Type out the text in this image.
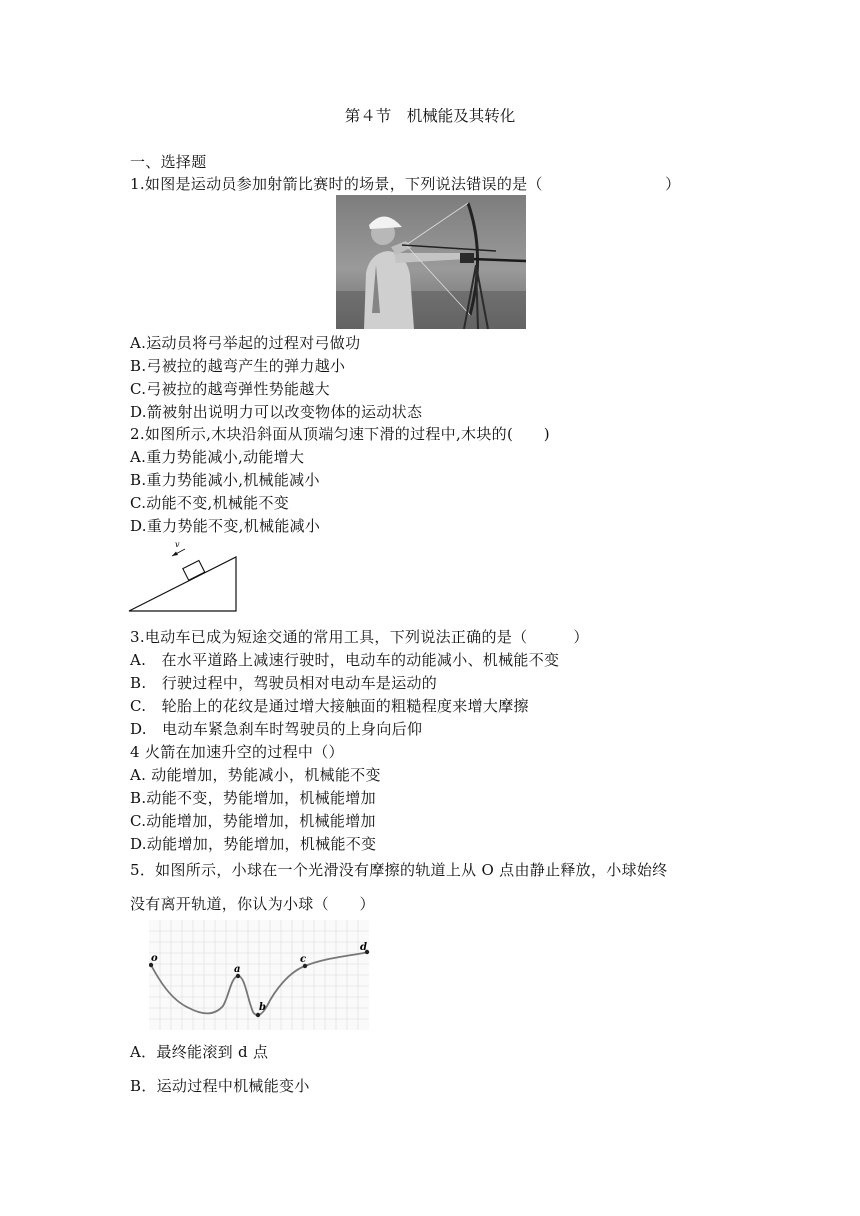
第４节　机械能及其转化
一、选择题
1.如图是运动员参加射箭比赛时的场景，下列说法错误的是（　　　　　　　　）
A.运动员将弓举起的过程对弓做功
B.弓被拉的越弯产生的弹力越小
C.弓被拉的越弯弹性势能越大
D.箭被射出说明力可以改变物体的运动状态
2.如图所示,木块沿斜面从顶端匀速下滑的过程中,木块的(　　)
A.重力势能减小,动能增大
B.重力势能减小,机械能减小
C.动能不变,机械能不变
D.重力势能不变,机械能减小
v
3.电动车已成为短途交通的常用工具，下列说法正确的是（　　　）
A.　在水平道路上减速行驶时，电动车的动能减小、机械能不变
B.　行驶过程中，驾驶员相对电动车是运动的
C.　轮胎上的花纹是通过增大接触面的粗糙程度来增大摩擦
D.　电动车紧急刹车时驾驶员的上身向后仰
4 火箭在加速升空的过程中（）
A. 动能增加，势能减小，机械能不变
B.动能不变，势能增加，机械能增加
C.动能增加，势能增加，机械能增加
D.动能增加，势能增加，机械能不变
5．如图所示，小球在一个光滑没有摩擦的轨道上从 O 点由静止释放，小球始终
没有离开轨道，你认为小球（　　）
o
a
b
c
d
A．最终能滚到 d 点
B．运动过程中机械能变小
